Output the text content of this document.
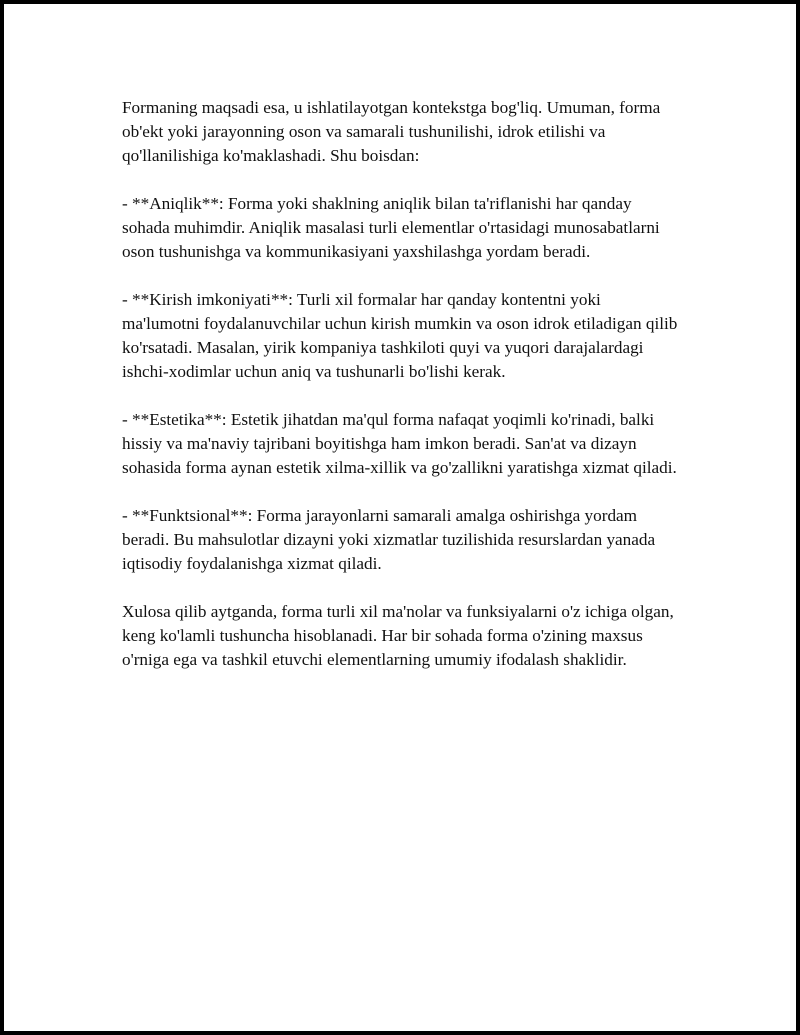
Formaning maqsadi esa, u ishlatilayotgan kontekstga bog'liq. Umuman, forma ob'ekt yoki jarayonning oson va samarali tushunilishi, idrok etilishi va qo'llanilishiga ko'maklashadi. Shu boisdan:

- **Aniqlik**: Forma yoki shaklning aniqlik bilan ta'riflanishi har qanday sohada muhimdir. Aniqlik masalasi turli elementlar o'rtasidagi munosabatlarni oson tushunishga va kommunikasiyani yaxshilashga yordam beradi.

- **Kirish imkoniyati**: Turli xil formalar har qanday kontentni yoki ma'lumotni foydalanuvchilar uchun kirish mumkin va oson idrok etiladigan qilib ko'rsatadi. Masalan, yirik kompaniya tashkiloti quyi va yuqori darajalardagi ishchi-xodimlar uchun aniq va tushunarli bo'lishi kerak.

- **Estetika**: Estetik jihatdan ma'qul forma nafaqat yoqimli ko'rinadi, balki hissiy va ma'naviy tajribani boyitishga ham imkon beradi. San'at va dizayn sohasida forma aynan estetik xilma-xillik va go'zallikni yaratishga xizmat qiladi.

- **Funktsional**: Forma jarayonlarni samarali amalga oshirishga yordam beradi. Bu mahsulotlar dizayni yoki xizmatlar tuzilishida resurslardan yanada iqtisodiy foydalanishga xizmat qiladi.

Xulosa qilib aytganda, forma turli xil ma'nolar va funksiyalarni o'z ichiga olgan, keng ko'lamli tushuncha hisoblanadi. Har bir sohada forma o'zining maxsus o'rniga ega va tashkil etuvchi elementlarning umumiy ifodalash shaklidir.
